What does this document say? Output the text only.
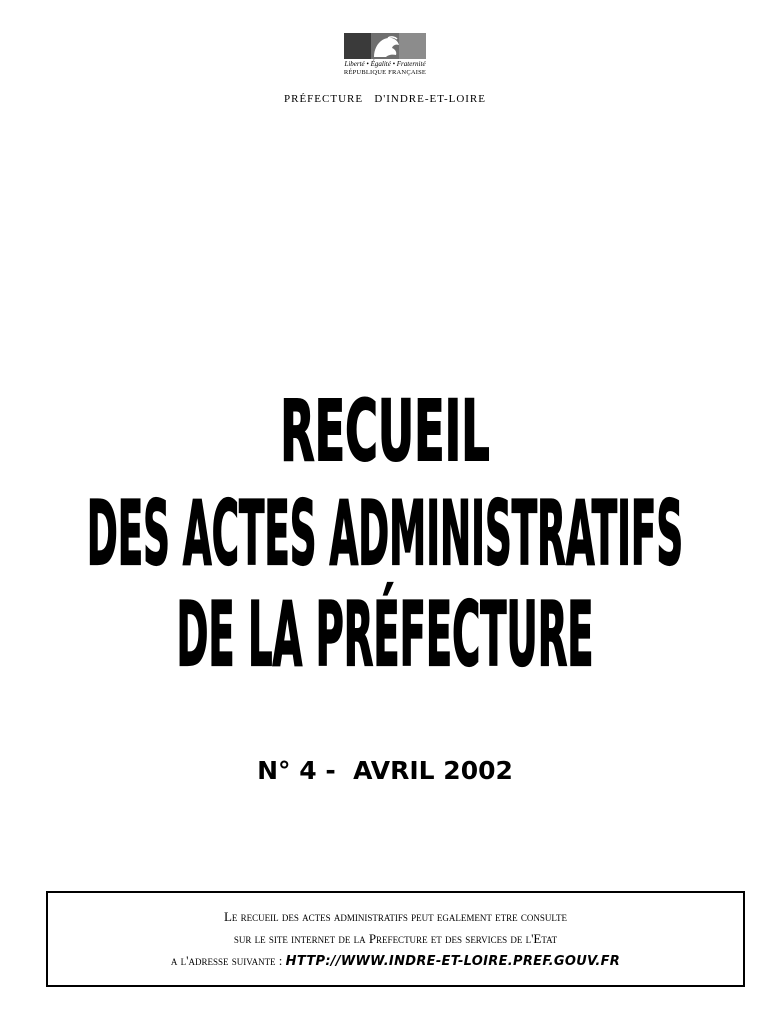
Liberté • Égalité • Fraternité
RÉPUBLIQUE FRANÇAISE
PRÉFECTURE   D'INDRE-ET-LOIRE
RECUEIL
DES ACTES ADMINISTRATIFS
DE LA PRÉFECTURE
N° 4 -  AVRIL 2002
Le recueil des actes administratifs peut egalement etre consulte
sur le site internet de la Prefecture et des services de l'Etat
a l'adresse suivante : HTTP://WWW.INDRE-ET-LOIRE.PREF.GOUV.FR
